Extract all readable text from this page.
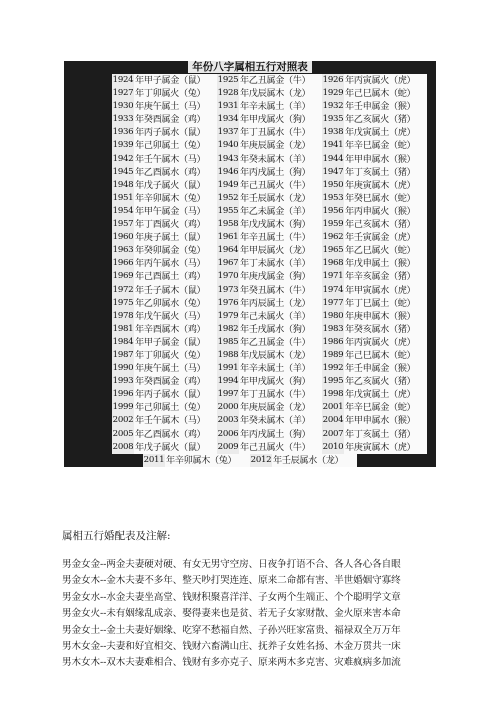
年份八字属相五行对照表
1924 年甲子属金（鼠）	1925 年乙丑属金（牛）	1926 年丙寅属火（虎）
1927 年丁卯属火（兔）	1928 年戊辰属木（龙）	1929 年己巳属木（蛇）
1930 年庚午属土（马）	1931 年辛未属土（羊）	1932 年壬申属金（猴）
1933 年癸酉属金（鸡）	1934 年甲戌属火（狗）	1935 年乙亥属火（猪）
1936 年丙子属水（鼠）	1937 年丁丑属水（牛）	1938 年戊寅属土（虎）
1939 年己卯属土（兔）	1940 年庚辰属金（龙）	1941 年辛巳属金（蛇）
1942 年壬午属木（马）	1943 年癸未属木（羊）	1944 年甲申属水（猴）
1945 年乙酉属水（鸡）	1946 年丙戌属土（狗）	1947 年丁亥属土（猪）
1948 年戊子属火（鼠）	1949 年己丑属火（牛）	1950 年庚寅属木（虎）
1951 年辛卯属木（兔）	1952 年壬辰属水（龙）	1953 年癸巳属水（蛇）
1954 年甲午属金（马）	1955 年乙未属金（羊）	1956 年丙申属火（猴）
1957 年丁酉属火（鸡）	1958 年戊戌属木（狗）	1959 年己亥属木（猪）
1960 年庚子属土（鼠）	1961 年辛丑属土（牛）	1962 年壬寅属金（虎）
1963 年癸卯属金（兔）	1964 年甲辰属火（龙）	1965 年乙巳属火（蛇）
1966 年丙午属水（马）	1967 年丁未属水（羊）	1968 年戊申属土（猴）
1969 年己酉属土（鸡）	1970 年庚戌属金（狗）	1971 年辛亥属金（猪）
1972 年壬子属木（鼠）	1973 年癸丑属木（牛）	1974 年甲寅属水（虎）
1975 年乙卯属水（兔）	1976 年丙辰属土（龙）	1977 年丁巳属土（蛇）
1978 年戊午属火（马）	1979 年己未属火（羊）	1980 年庚申属木（猴）
1981 年辛酉属木（鸡）	1982 年壬戌属水（狗）	1983 年癸亥属水（猪）
1984 年甲子属金（鼠）	1985 年乙丑属金（牛）	1986 年丙寅属火（虎）
1987 年丁卯属火（兔）	1988 年戊辰属木（龙）	1989 年己巳属木（蛇）
1990 年庚午属土（马）	1991 年辛未属土（羊）	1992 年壬申属金（猴）
1993 年癸酉属金（鸡）	1994 年甲戌属火（狗）	1995 年乙亥属火（猪）
1996 年丙子属水（鼠）	1997 年丁丑属水（牛）	1998 年戊寅属土（虎）
1999 年己卯属土（兔）	2000 年庚辰属金（龙）	2001 年辛巳属金（蛇）
2002 年壬午属木（马）	2003 年癸未属木（羊）	2004 年甲申属水（猴）
2005 年乙酉属水（鸡）	2006 年丙戌属土（狗）	2007 年丁亥属土（猪）
2008 年戊子属火（鼠）	2009 年己丑属火（牛）	2010 年庚寅属木（虎）
2011 年辛卯属木（兔）	2012 年壬辰属水（龙）
属相五行婚配表及注解:
男金女金--两金夫妻硬对硬、有女无男守空房、日夜争打语不合、各人各心各自眼
男金女木--金木夫妻不多年、整天吵打哭连连、原来二命都有害、半世婚姻守寡终
男金女水--水金夫妻坐高堂、钱财积聚喜洋洋、子女两个生端正、个个聪明学文章
男金女火--未有姻缘乱成亲、娶得妻来也是贫、若无子女家财散、金火原来害本命
男金女土--金土夫妻好姻缘、吃穿不愁福自然、子孙兴旺家富贵、福禄双全万万年
男木女金--夫妻和好宜相交、钱财六畜满山庄、抚养子女姓名扬、木金万贯共一床
男木女木--双木夫妻难相合、钱财有多亦克子、原来两木多克害、灾难疯病多加流
